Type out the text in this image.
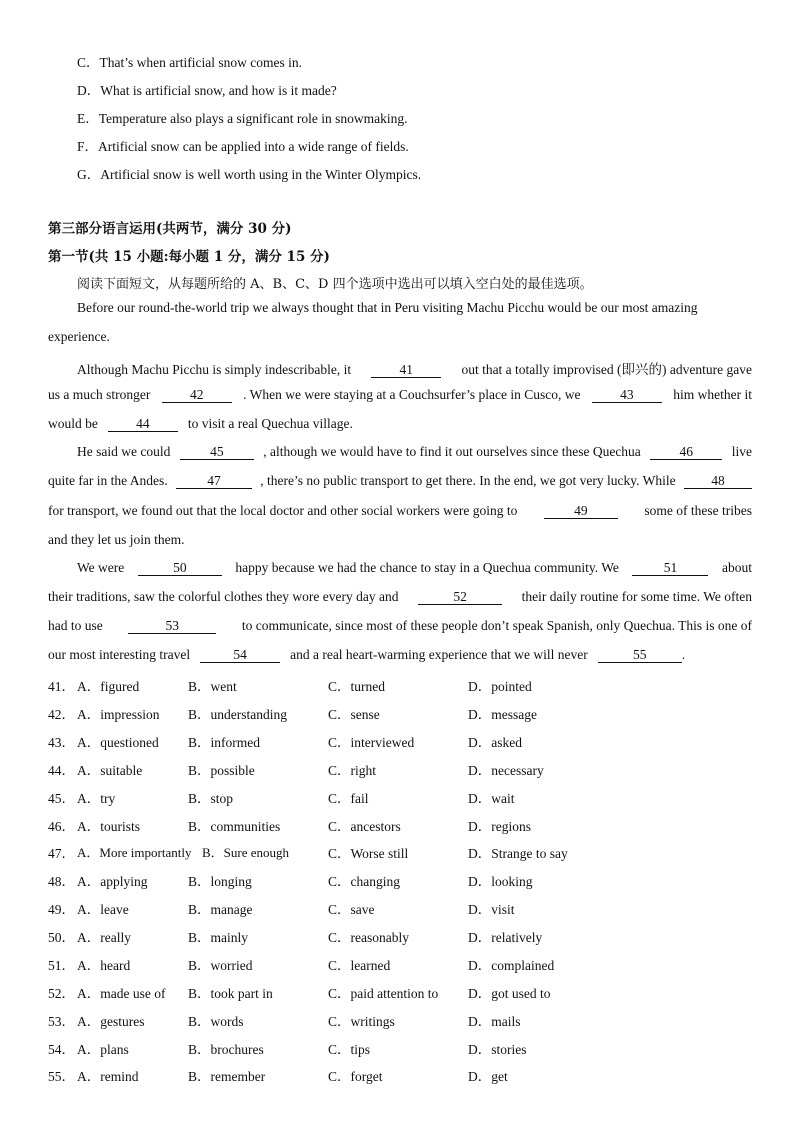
C．That’s when artificial snow comes in.
D．What is artificial snow, and how is it made?
E．Temperature also plays a significant role in snowmaking.
F．Artificial snow can be applied into a wide range of fields.
G．Artificial snow is well worth using in the Winter Olympics.
第三部分语言运用(共两节，满分 30 分)
第一节(共 15 小题:每小题 1 分，满分 15 分)
阅读下面短文，从每题所给的 A、B、C、D 四个选项中选出可以填入空白处的最佳选项。
Before our round-the-world trip we always thought that in Peru visiting Machu Picchu would be our most amazing
experience.
Although Machu Picchu is simply indescribable, it	41	out that a totally improvised (即兴的) adventure gave
us a much stronger	42	. When we were staying at a Couchsurfer’s place in Cusco, we	43	him whether it
would be	44	to visit a real Quechua village.
He said we could	45	, although we would have to find it out ourselves since these Quechua	46	live
quite far in the Andes.	47	, there’s no public transport to get there. In the end, we got very lucky. While	48
for transport, we found out that the local doctor and other social workers were going to	49	some of these tribes
and they let us join them.
We were	50	happy because we had the chance to stay in a Quechua community. We	51	about
their traditions, saw the colorful clothes they wore every day and	52	their daily routine for some time. We often
had to use	53	to communicate, since most of these people don’t speak Spanish, only Quechua. This is one of
our most interesting travel	54	and a real heart-warming experience that we will never	55	.
41． A．figured	B．went	C．turned	D．pointed
42． A．impression B．understanding	C．sense	D．message
43． A．questioned B．informed	C．interviewed	D．asked
44． A．suitable	B．possible	C．right	D．necessary
45． A．try	B．stop	C．fail	D．wait
46． A．tourists	B．communities	C．ancestors	D．regions
47． A．More importantly B．Sure enough	C．Worse still	D．Strange to say
48． A．applying	B．longing	C．changing	D．looking
49． A．leave	B．manage	C．save	D．visit
50． A．really	B．mainly	C．reasonably	D．relatively
51． A．heard	B．worried	C．learned	D．complained
52． A．made use of B．took part in	C．paid attention to D．got used to
53． A．gestures	B．words	C．writings	D．mails
54． A．plans	B．brochures	C．tips	D．stories
55． A．remind	B．remember	C．forget	D．get
